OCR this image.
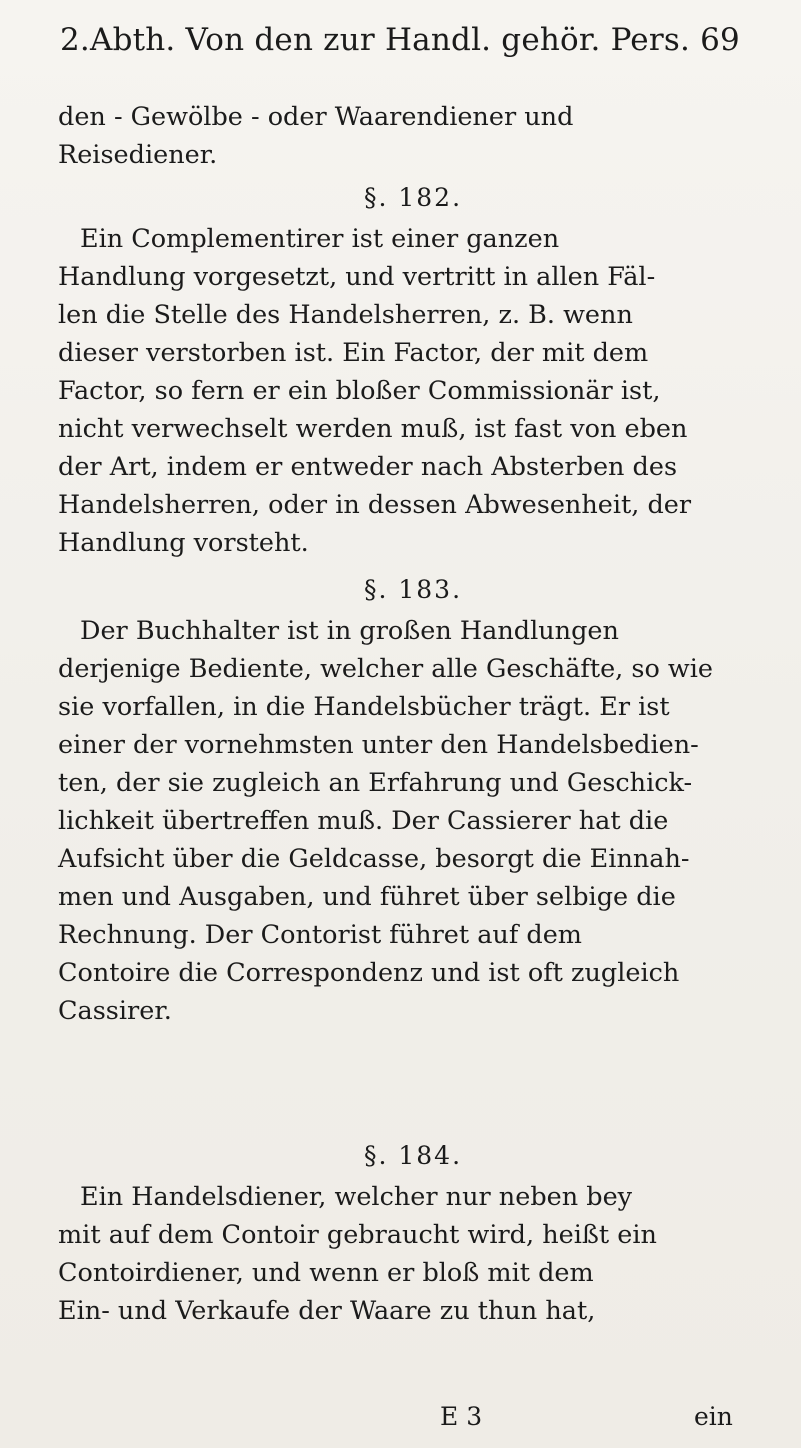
2.Abth. Von den zur Handl. gehör. Pers. 69
den - Gewölbe - oder Waarendiener und
Reisediener.
§. 182.
Ein Complementirer ist einer ganzen
Handlung vorgesetzt, und vertritt in allen Fäl-
len die Stelle des Handelsherren, z. B. wenn
dieser verstorben ist. Ein Factor, der mit dem
Factor, so fern er ein bloßer Commissionär ist,
nicht verwechselt werden muß, ist fast von eben
der Art, indem er entweder nach Absterben des
Handelsherren, oder in dessen Abwesenheit, der
Handlung vorsteht.
§. 183.
Der Buchhalter ist in großen Handlungen
derjenige Bediente, welcher alle Geschäfte, so wie
sie vorfallen, in die Handelsbücher trägt. Er ist
einer der vornehmsten unter den Handelsbedien-
ten, der sie zugleich an Erfahrung und Geschick-
lichkeit übertreffen muß. Der Cassierer hat die
Aufsicht über die Geldcasse, besorgt die Einnah-
men und Ausgaben, und führet über selbige die
Rechnung. Der Contorist führet auf dem
Contoire die Correspondenz und ist oft zugleich
Cassirer.
§. 184.
Ein Handelsdiener, welcher nur neben bey
mit auf dem Contoir gebraucht wird, heißt ein
Contoirdiener, und wenn er bloß mit dem
Ein- und Verkaufe der Waare zu thun hat,
E 3	ein
